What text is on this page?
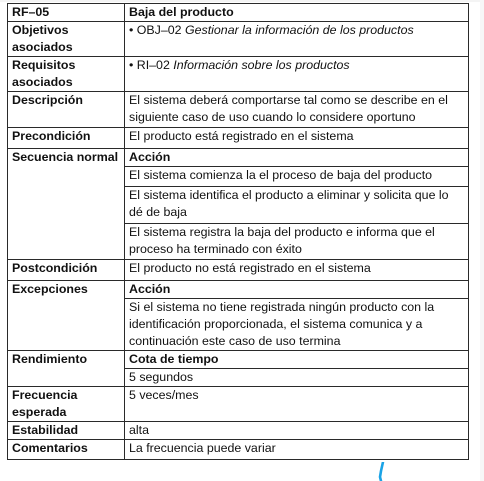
RF–05	Baja del producto
Objetivos asociados	• OBJ–02 Gestionar la información de los productos
Requisitos asociados	• RI–02 Información sobre los productos
Descripción	El sistema deberá comportarse tal como se describe en el siguiente caso de uso cuando lo considere oportuno
Precondición	El producto está registrado en el sistema
Secuencia normal	Acción
	El sistema comienza la el proceso de baja del producto
	El sistema identifica el producto a eliminar y solicita que lo dé de baja
	El sistema registra la baja del producto e informa que el proceso ha terminado con éxito
Postcondición	El producto no está registrado en el sistema
Excepciones	Acción
	Si el sistema no tiene registrada ningún producto con la identificación proporcionada, el sistema comunica y a continuación este caso de uso termina
Rendimiento	Cota de tiempo
	5 segundos
Frecuencia esperada	5 veces/mes
Estabilidad	alta
Comentarios	La frecuencia puede variar
